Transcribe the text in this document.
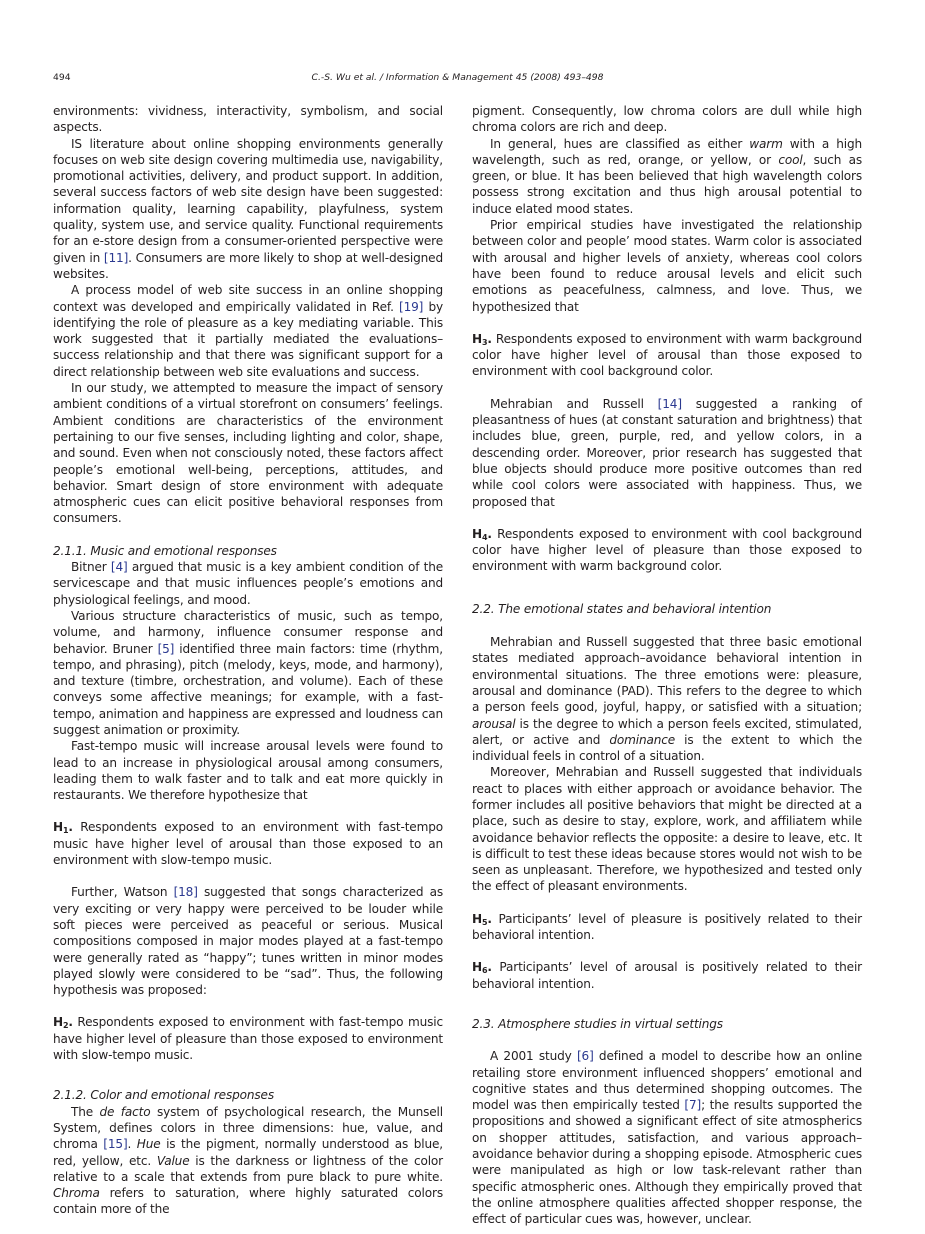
494	C.-S. Wu et al. / Information & Management 45 (2008) 493–498

environments: vividness, interactivity, symbolism, and social aspects.

IS literature about online shopping environments generally focuses on web site design covering multimedia use, navigability, promotional activities, delivery, and product support. In addition, several success factors of web site design have been suggested: information quality, learning capability, playfulness, system quality, system use, and service quality. Functional requirements for an e-store design from a consumer-oriented perspective were given in [11]. Consumers are more likely to shop at well-designed websites.

A process model of web site success in an online shopping context was developed and empirically validated in Ref. [19] by identifying the role of pleasure as a key mediating variable. This work suggested that it partially mediated the evaluations–success relationship and that there was significant support for a direct relationship between web site evaluations and success.

In our study, we attempted to measure the impact of sensory ambient conditions of a virtual storefront on consumers’ feelings. Ambient conditions are characteristics of the environment pertaining to our five senses, including lighting and color, shape, and sound. Even when not consciously noted, these factors affect people’s emotional well-being, perceptions, attitudes, and behavior. Smart design of store environment with adequate atmospheric cues can elicit positive behavioral responses from consumers.

2.1.1. Music and emotional responses

Bitner [4] argued that music is a key ambient condition of the servicescape and that music influences people’s emotions and physiological feelings, and mood.

Various structure characteristics of music, such as tempo, volume, and harmony, influence consumer response and behavior. Bruner [5] identified three main factors: time (rhythm, tempo, and phrasing), pitch (melody, keys, mode, and harmony), and texture (timbre, orchestration, and volume). Each of these conveys some affective meanings; for example, with a fast-tempo, animation and happiness are expressed and loudness can suggest animation or proximity.

Fast-tempo music will increase arousal levels were found to lead to an increase in physiological arousal among consumers, leading them to walk faster and to talk and eat more quickly in restaurants. We therefore hypothesize that

$H_1$. Respondents exposed to an environment with fast-tempo music have higher level of arousal than those exposed to an environment with slow-tempo music.

Further, Watson [18] suggested that songs characterized as very exciting or very happy were perceived to be louder while soft pieces were perceived as peaceful or serious. Musical compositions composed in major modes played at a fast-tempo were generally rated as “happy”; tunes written in minor modes played slowly were considered to be “sad”. Thus, the following hypothesis was proposed:

$H_2$. Respondents exposed to environment with fast-tempo music have higher level of pleasure than those exposed to environment with slow-tempo music.

2.1.2. Color and emotional responses

The de facto system of psychological research, the Munsell System, defines colors in three dimensions: hue, value, and chroma [15]. Hue is the pigment, normally understood as blue, red, yellow, etc. Value is the darkness or lightness of the color relative to a scale that extends from pure black to pure white. Chroma refers to saturation, where highly saturated colors contain more of the

pigment. Consequently, low chroma colors are dull while high chroma colors are rich and deep.

In general, hues are classified as either warm with a high wavelength, such as red, orange, or yellow, or cool, such as green, or blue. It has been believed that high wavelength colors possess strong excitation and thus high arousal potential to induce elated mood states.

Prior empirical studies have investigated the relationship between color and people’ mood states. Warm color is associated with arousal and higher levels of anxiety, whereas cool colors have been found to reduce arousal levels and elicit such emotions as peacefulness, calmness, and love. Thus, we hypothesized that

$H_3$. Respondents exposed to environment with warm background color have higher level of arousal than those exposed to environment with cool background color.

Mehrabian and Russell [14] suggested a ranking of pleasantness of hues (at constant saturation and brightness) that includes blue, green, purple, red, and yellow colors, in a descending order. Moreover, prior research has suggested that blue objects should produce more positive outcomes than red while cool colors were associated with happiness. Thus, we proposed that

$H_4$. Respondents exposed to environment with cool background color have higher level of pleasure than those exposed to environment with warm background color.

2.2. The emotional states and behavioral intention

Mehrabian and Russell suggested that three basic emotional states mediated approach–avoidance behavioral intention in environmental situations. The three emotions were: pleasure, arousal and dominance (PAD). This refers to the degree to which a person feels good, joyful, happy, or satisfied with a situation; arousal is the degree to which a person feels excited, stimulated, alert, or active and dominance is the extent to which the individual feels in control of a situation.

Moreover, Mehrabian and Russell suggested that individuals react to places with either approach or avoidance behavior. The former includes all positive behaviors that might be directed at a place, such as desire to stay, explore, work, and affiliatem while avoidance behavior reflects the opposite: a desire to leave, etc. It is difficult to test these ideas because stores would not wish to be seen as unpleasant. Therefore, we hypothesized and tested only the effect of pleasant environments.

$H_5$. Participants’ level of pleasure is positively related to their behavioral intention.

$H_6$. Participants’ level of arousal is positively related to their behavioral intention.

2.3. Atmosphere studies in virtual settings

A 2001 study [6] defined a model to describe how an online retailing store environment influenced shoppers’ emotional and cognitive states and thus determined shopping outcomes. The model was then empirically tested [7]; the results supported the propositions and showed a significant effect of site atmospherics on shopper attitudes, satisfaction, and various approach–avoidance behavior during a shopping episode. Atmospheric cues were manipulated as high or low task-relevant rather than specific atmospheric ones. Although they empirically proved that the online atmosphere qualities affected shopper response, the effect of particular cues was, however, unclear.
